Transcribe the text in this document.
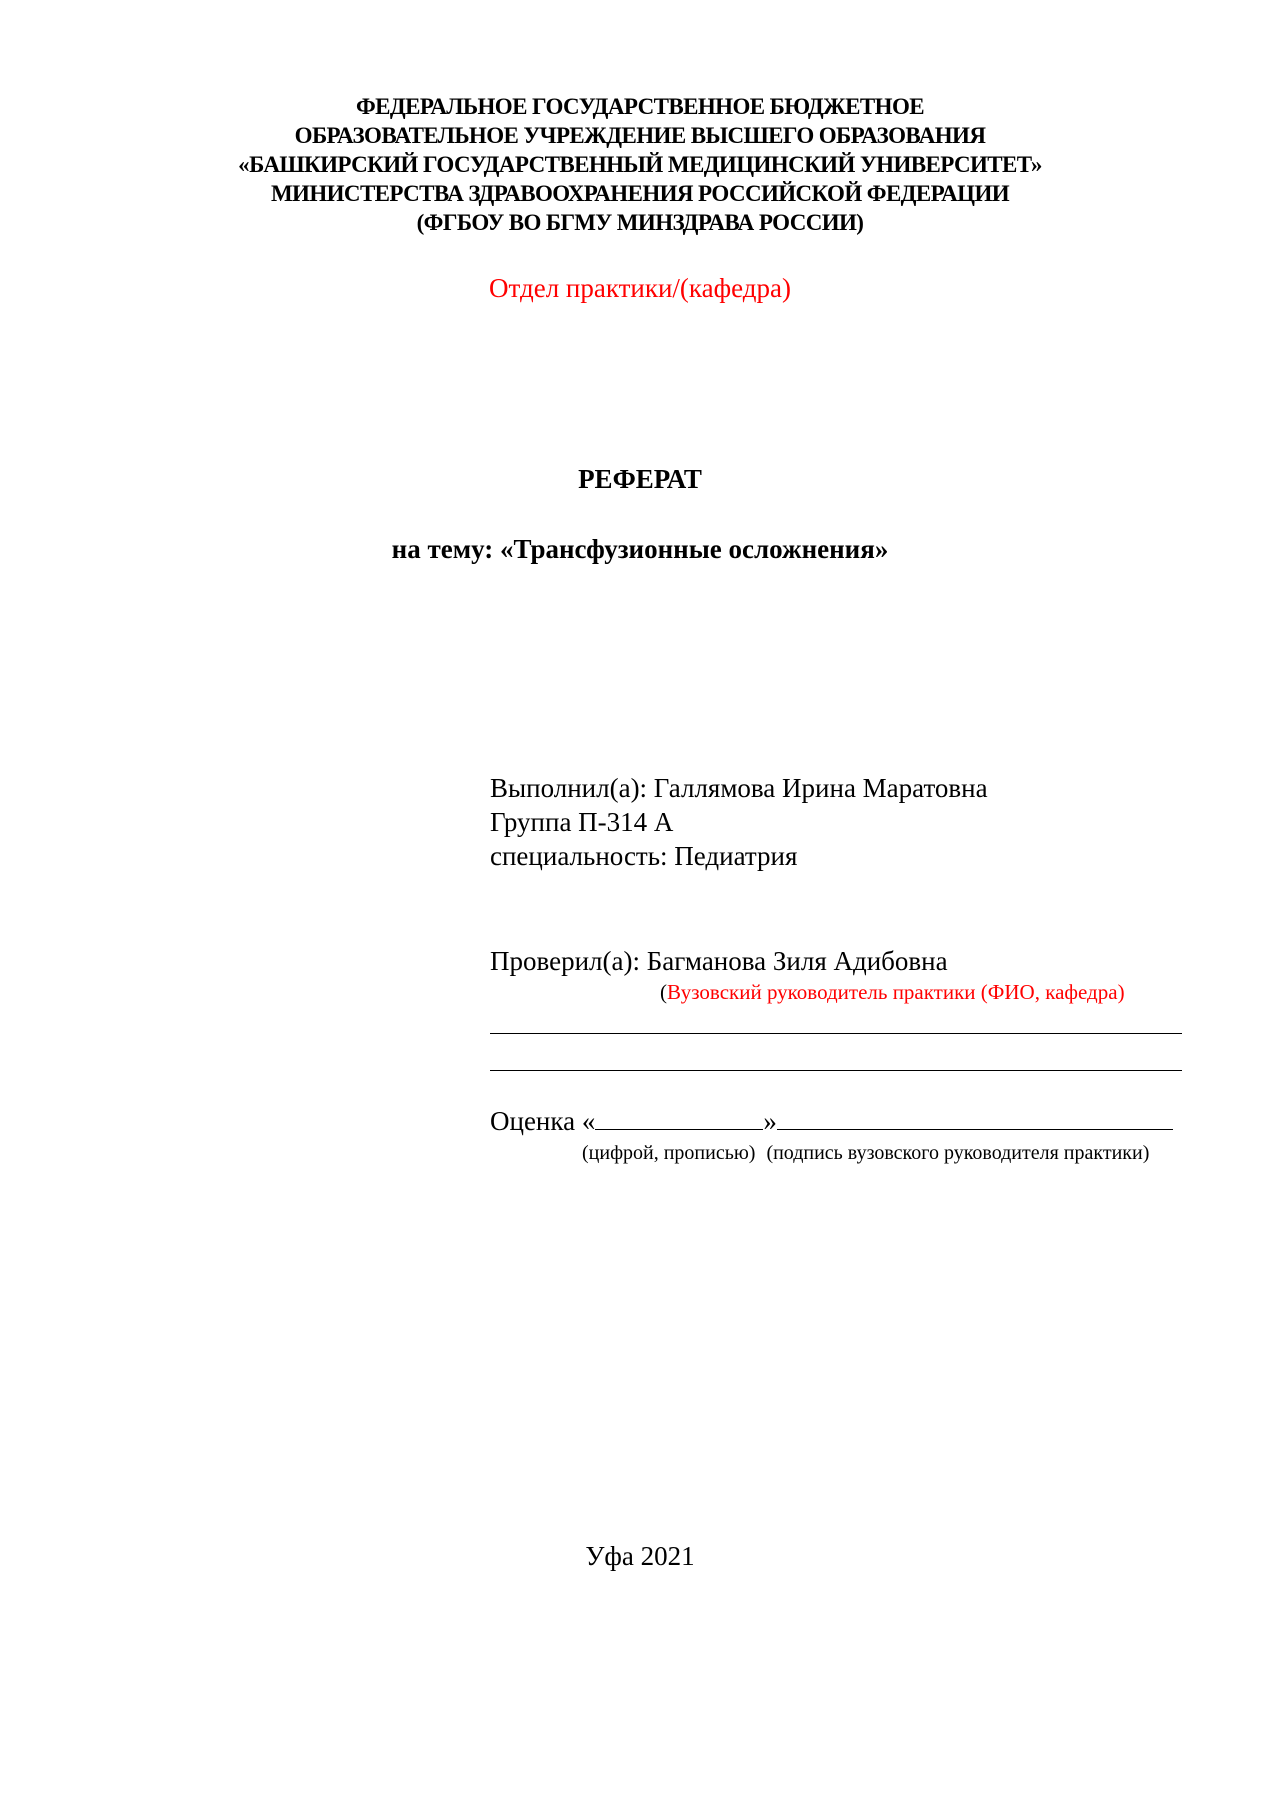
ФЕДЕРАЛЬНОЕ ГОСУДАРСТВЕННОЕ БЮДЖЕТНОЕ
ОБРАЗОВАТЕЛЬНОЕ УЧРЕЖДЕНИЕ ВЫСШЕГО ОБРАЗОВАНИЯ
«БАШКИРСКИЙ ГОСУДАРСТВЕННЫЙ МЕДИЦИНСКИЙ УНИВЕРСИТЕТ»
МИНИСТЕРСТВА ЗДРАВООХРАНЕНИЯ РОССИЙСКОЙ ФЕДЕРАЦИИ
(ФГБОУ ВО БГМУ МИНЗДРАВА РОССИИ)
Отдел практики/(кафедра)
РЕФЕРАТ
на тему: «Трансфузионные осложнения»
Выполнил(а): Галлямова Ирина Маратовна
Группа П-314 А
специальность: Педиатрия
Проверил(а): Багманова Зиля Адибовна
(Вузовский руководитель практики (ФИО, кафедра)
Оценка «	»
(цифрой, прописью) (подпись вузовского руководителя практики)
Уфа 2021
